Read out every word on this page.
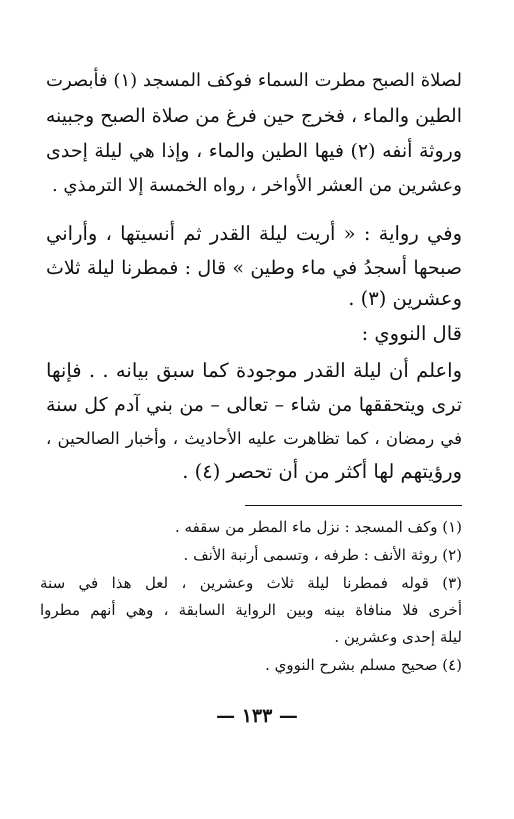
لصلاة الصبح مطرت السماء فوكف المسجد (١) فأبصرت
الطين والماء ، فخرج حين فرغ من صلاة الصبح وجبينه
وروثة أنفه (٢) فيها الطين والماء ، وإذا هي ليلة إحدى
وعشرين من العشر الأواخر ، رواه الخمسة إلا الترمذي .
وفي رواية : « أريت ليلة القدر ثم أنسيتها ، وأراني
صبحها أسجدُ في ماء وطين » قال : فمطرنا ليلة ثلاث
وعشرين (٣) .
قال النووي :
واعلم أن ليلة القدر موجودة كما سبق بيانه . . فإنها
ترى ويتحققها من شاء – تعالى – من بني آدم كل سنة
في رمضان ، كما تظاهرت عليه الأحاديث ، وأخبار الصالحين ،
ورؤيتهم لها أكثر من أن تحصر (٤) .
(١) وكف المسجد : نزل ماء المطر من سقفه .
(٢) روثة الأنف : طرفه ، وتسمى أرنبة الأنف .
(٣) قوله فمطرنا ليلة ثلاث وعشرين ، لعل هذا في سنة
أخرى فلا منافاة بينه وبين الرواية السابقة ، وهي أنهم مطروا
ليلة إحدى وعشرين .
(٤) صحيح مسلم بشرح النووي .
— ١٣٣ —
